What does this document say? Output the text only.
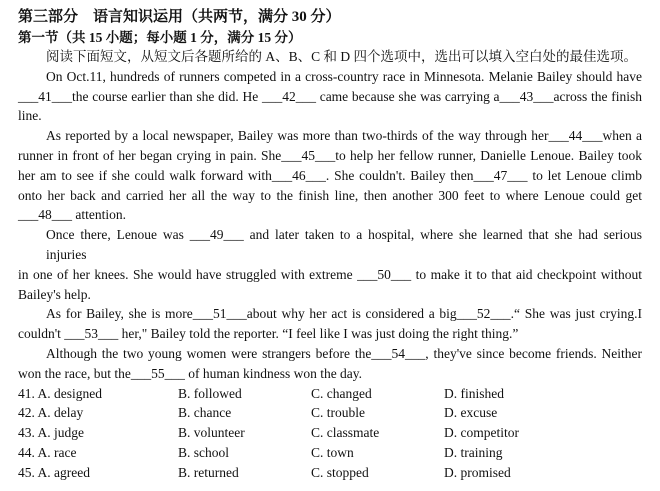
第三部分　语言知识运用（共两节，满分 30 分）
第一节（共 15 小题；每小题 1 分，满分 15 分）
阅读下面短文，从短文后各题所给的 A、B、C 和 D 四个选项中，选出可以填入空白处的最佳选项。
On Oct.11, hundreds of runners competed in a cross-country race in Minnesota. Melanie Bailey should have
___41___the course earlier than she did. He ___42___ came because she was carrying a___43___across the finish
line.
As reported by a local newspaper, Bailey was more than two-thirds of the way through her___44___when a
runner in front of her began crying in pain. She___45___to help her fellow runner, Danielle Lenoue. Bailey took
her am to see if she could walk forward with___46___. She couldn't. Bailey then___47___ to let Lenoue climb
onto her back and carried her all the way to the finish line, then another 300 feet to where Lenoue could get
___48___ attention.
Once there, Lenoue was ___49___ and later taken to a hospital, where she learned that she had serious injuries
in one of her knees. She would have struggled with extreme ___50___ to make it to that aid checkpoint without
Bailey's help.
As for Bailey, she is more___51___about why her act is considered a big___52___.“ She was just crying.I
couldn't ___53___ her," Bailey told the reporter. “I feel like I was just doing the right thing.”
Although the two young women were strangers before the___54___, they've since become friends. Neither
won the race, but the___55___ of human kindness won the day.
41. A. designed	B. followed	C. changed	D. finished
42. A. delay	B. chance	C. trouble	D. excuse
43. A. judge	B. volunteer	C. classmate	D. competitor
44. A. race	B. school	C. town	D. training
45. A. agreed	B. returned	C. stopped	D. promised
